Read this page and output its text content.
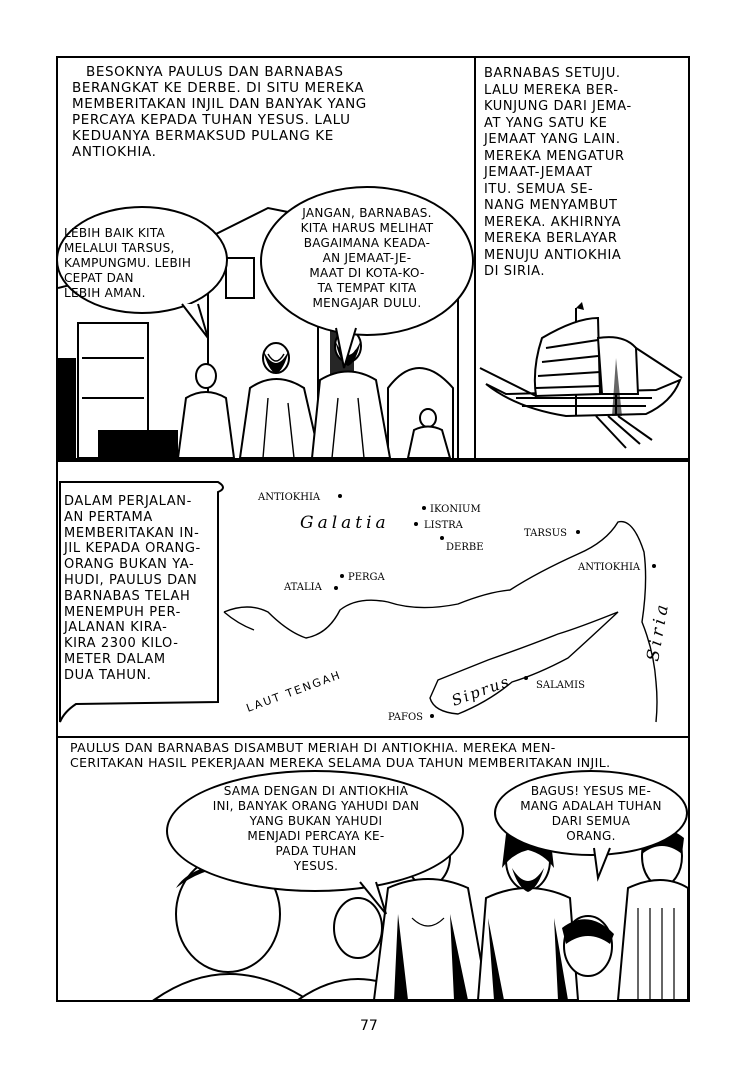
BESOKNYA PAULUS DAN BARNABAS
BERANGKAT KE DERBE. DI SITU MEREKA
MEMBERITAKAN INJIL DAN BANYAK YANG
PERCAYA KEPADA TUHAN YESUS. LALU
KEDUANYA BERMAKSUD PULANG KE
ANTIOKHIA.
LEBIH BAIK KITA
MELALUI TARSUS,
KAMPUNGMU. LEBIH
CEPAT DAN
LEBIH AMAN.
JANGAN, BARNABAS.
KITA HARUS MELIHAT
BAGAIMANA KEADA-
AN JEMAAT-JE-
MAAT DI KOTA-KO-
TA TEMPAT KITA
MENGAJAR DULU.
BARNABAS SETUJU.
LALU MEREKA BER-
KUNJUNG DARI JEMA-
AT YANG SATU KE
JEMAAT YANG LAIN.
MEREKA MENGATUR
JEMAAT-JEMAAT
ITU. SEMUA SE-
NANG MENYAMBUT
MEREKA. AKHIRNYA
MEREKA BERLAYAR
MENUJU ANTIOKHIA
DI SIRIA.
ANTIOKHIA
IKONIUM
LISTRA
DERBE
TARSUS
ANTIOKHIA
PERGA
ATALIA
Galatia
Siria
LAUT TENGAH	Siprus SALAMIS
PAFOS
DALAM PERJALAN-
AN PERTAMA
MEMBERITAKAN IN-
JIL KEPADA ORANG-
ORANG BUKAN YA-
HUDI, PAULUS DAN
BARNABAS TELAH
MENEMPUH PER-
JALANAN KIRA-
KIRA 2300 KILO-
METER DALAM
DUA TAHUN.
PAULUS DAN BARNABAS DISAMBUT MERIAH DI ANTIOKHIA. MEREKA MEN-
CERITAKAN HASIL PEKERJAAN MEREKA SELAMA DUA TAHUN MEMBERITAKAN INJIL.
SAMA DENGAN DI ANTIOKHIA
INI, BANYAK ORANG YAHUDI DAN
YANG BUKAN YAHUDI
MENJADI PERCAYA KE-
PADA TUHAN
YESUS.
BAGUS! YESUS ME-
MANG ADALAH TUHAN
DARI SEMUA
ORANG.
77
